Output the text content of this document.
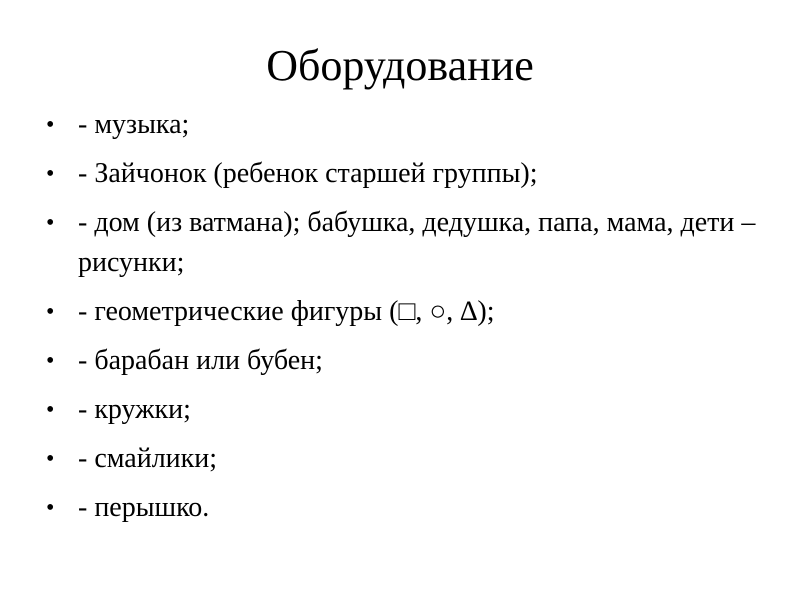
Оборудование
• - музыка;
• - Зайчонок (ребенок старшей группы);
• - дом (из ватмана); бабушка, дедушка, папа, мама, дети – рисунки;
• - геометрические фигуры (□, ○, ∆);
• - барабан или бубен;
• - кружки;
• - смайлики;
• - перышко.
